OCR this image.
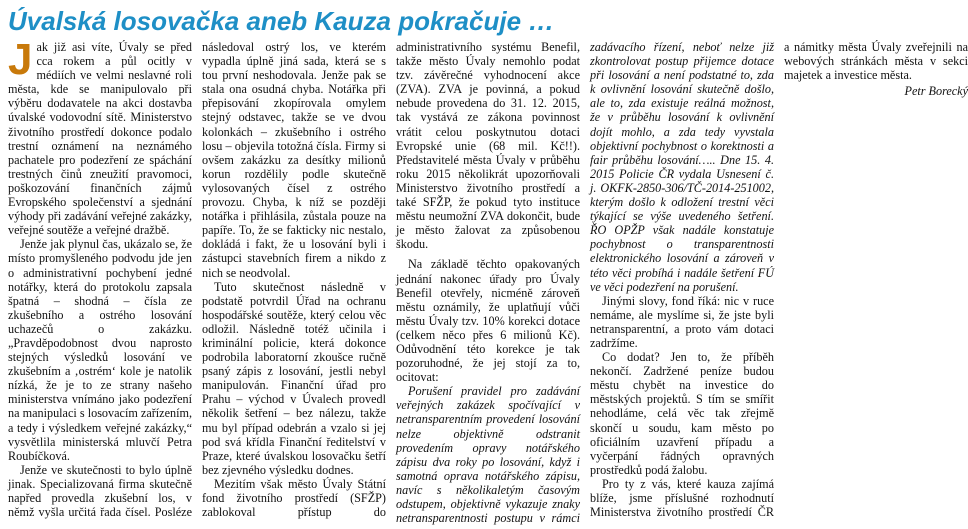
Úvalská losovačka aneb Kauza pokračuje …

Jak již asi víte, Úvaly se před cca rokem a půl ocitly v médiích ve velmi neslavné roli města, kde se manipulovalo při výběru dodavatele na akci dostavba úvalské vodovodní sítě. Ministerstvo životního prostředí dokonce podalo trestní oznámení na neznámého pachatele pro podezření ze spáchání trestných činů zneužití pravomoci, poškozování finančních zájmů Evropského společenství a sjednání výhody při zadávání veřejné zakázky, veřejné soutěže a veřejné dražbě.

Jenže jak plynul čas, ukázalo se, že místo promyšleného podvodu jde jen o administrativní pochybení jedné notářky, která do protokolu zapsala špatná – shodná – čísla ze zkušebního a ostrého losování uchazečů o zakázku. „Pravděpodobnost dvou naprosto stejných výsledků losování ve zkušebním a ‚ostrém‘ kole je natolik nízká, že je to ze strany našeho ministerstva vnímáno jako podezření na manipulaci s losovacím zařízením, a tedy i výsledkem veřejné zakázky,“ vysvětlila ministerská mluvčí Petra Roubíčková.

Jenže ve skutečnosti to bylo úplně jinak. Specializovaná firma skutečně napřed provedla zkušební los, v němž vyšla určitá řada čísel. Posléze následoval ostrý los, ve kterém vypadla úplně jiná sada, která se s tou první neshodovala. Jenže pak se stala ona osudná chyba. Notářka při přepisování zkopírovala omylem stejný odstavec, takže se ve dvou kolonkách – zkušebního i ostrého losu – objevila totožná čísla. Firmy si ovšem zakázku za desítky milionů korun rozdělily podle skutečně vylosovaných čísel z ostrého provozu. Chyba, k níž se později notářka i přihlásila, zůstala pouze na papíře. To, že se fakticky nic nestalo, dokládá i fakt, že u losování byli i zástupci stavebních firem a nikdo z nich se neodvolal.

Tuto skutečnost následně v podstatě potvrdil Úřad na ochranu hospodářské soutěže, který celou věc odložil. Následně totéž učinila i kriminální policie, která dokonce podrobila laboratorní zkoušce ručně psaný zápis z losování, jestli nebyl manipulován. Finanční úřad pro Prahu – východ v Úvalech provedl několik šetření – bez nálezu, takže mu byl případ odebrán a vzalo si jej pod svá křídla Finanční ředitelství v Praze, které úvalskou losovačku šetří bez zjevného výsledku dodnes.

Mezitím však město Úvaly Státní fond životního prostředí (SFŽP) zablokoval přístup do administrativního systému Benefil, takže město Úvaly nemohlo podat tzv. závěrečné vyhodnocení akce (ZVA). ZVA je povinná, a pokud nebude provedena do 31. 12. 2015, tak vystává ze zákona povinnost vrátit celou poskytnutou dotaci Evropské unie (68 mil. Kč!!). Představitelé města Úvaly v průběhu roku 2015 několikrát upozorňovali Ministerstvo životního prostředí a také SFŽP, že pokud tyto instituce městu neumožní ZVA dokončit, bude je město žalovat za způsobenou škodu.

Na základě těchto opakovaných jednání nakonec úřady pro Úvaly Benefil otevřely, nicméně zároveň městu oznámily, že uplatňují vůči městu Úvaly tzv. 10% korekci dotace (celkem něco přes 6 milionů Kč). Odůvodnění této korekce je tak pozoruhodné, že jej stojí za to, ocitovat:

Porušení pravidel pro zadávání veřejných zakázek spočívající v netransparentním provedení losování nelze objektivně odstranit provedením opravy notářského zápisu dva roky po losování, když i samotná oprava notářského zápisu, navíc s několikaletým časovým odstupem, objektivně vykazuje znaky netransparentnosti postupu v rámci zadávacího řízení, neboť nelze již zkontrolovat postup přijemce dotace při losování a není podstatné to, zda k ovlivnění losování skutečně došlo, ale to, zda existuje reálná možnost, že v průběhu losování k ovlivnění dojít mohlo, a zda tedy vyvstala objektivní pochybnost o korektnosti a fair průběhu losování….. Dne 15. 4. 2015 Policie ČR vydala Usnesení č. j. OKFK-2850-306/TČ-2014-251002, kterým došlo k odložení trestní věci týkající se výše uvedeného šetření. ŘO OPŽP však nadále konstatuje pochybnost o transparentnosti elektronického losování a zároveň v této věci probíhá i nadále šetření FÚ ve věci podezření na porušení.

Jinými slovy, fond říká: nic v ruce nemáme, ale myslíme si, že jste byli netransparentní, a proto vám dotaci zadržíme.

Co dodat? Jen to, že příběh nekončí. Zadržené peníze budou městu chybět na investice do městských projektů. S tím se smířit nehodláme, celá věc tak zřejmě skončí u soudu, kam město po oficiálním uzavření případu a vyčerpání řádných opravných prostředků podá žalobu.

Pro ty z vás, které kauza zajímá blíže, jsme příslušné rozhodnutí Ministerstva životního prostředí ČR a námitky města Úvaly zveřejnili na webových stránkách města v sekci majetek a investice města.

Petr Borecký
